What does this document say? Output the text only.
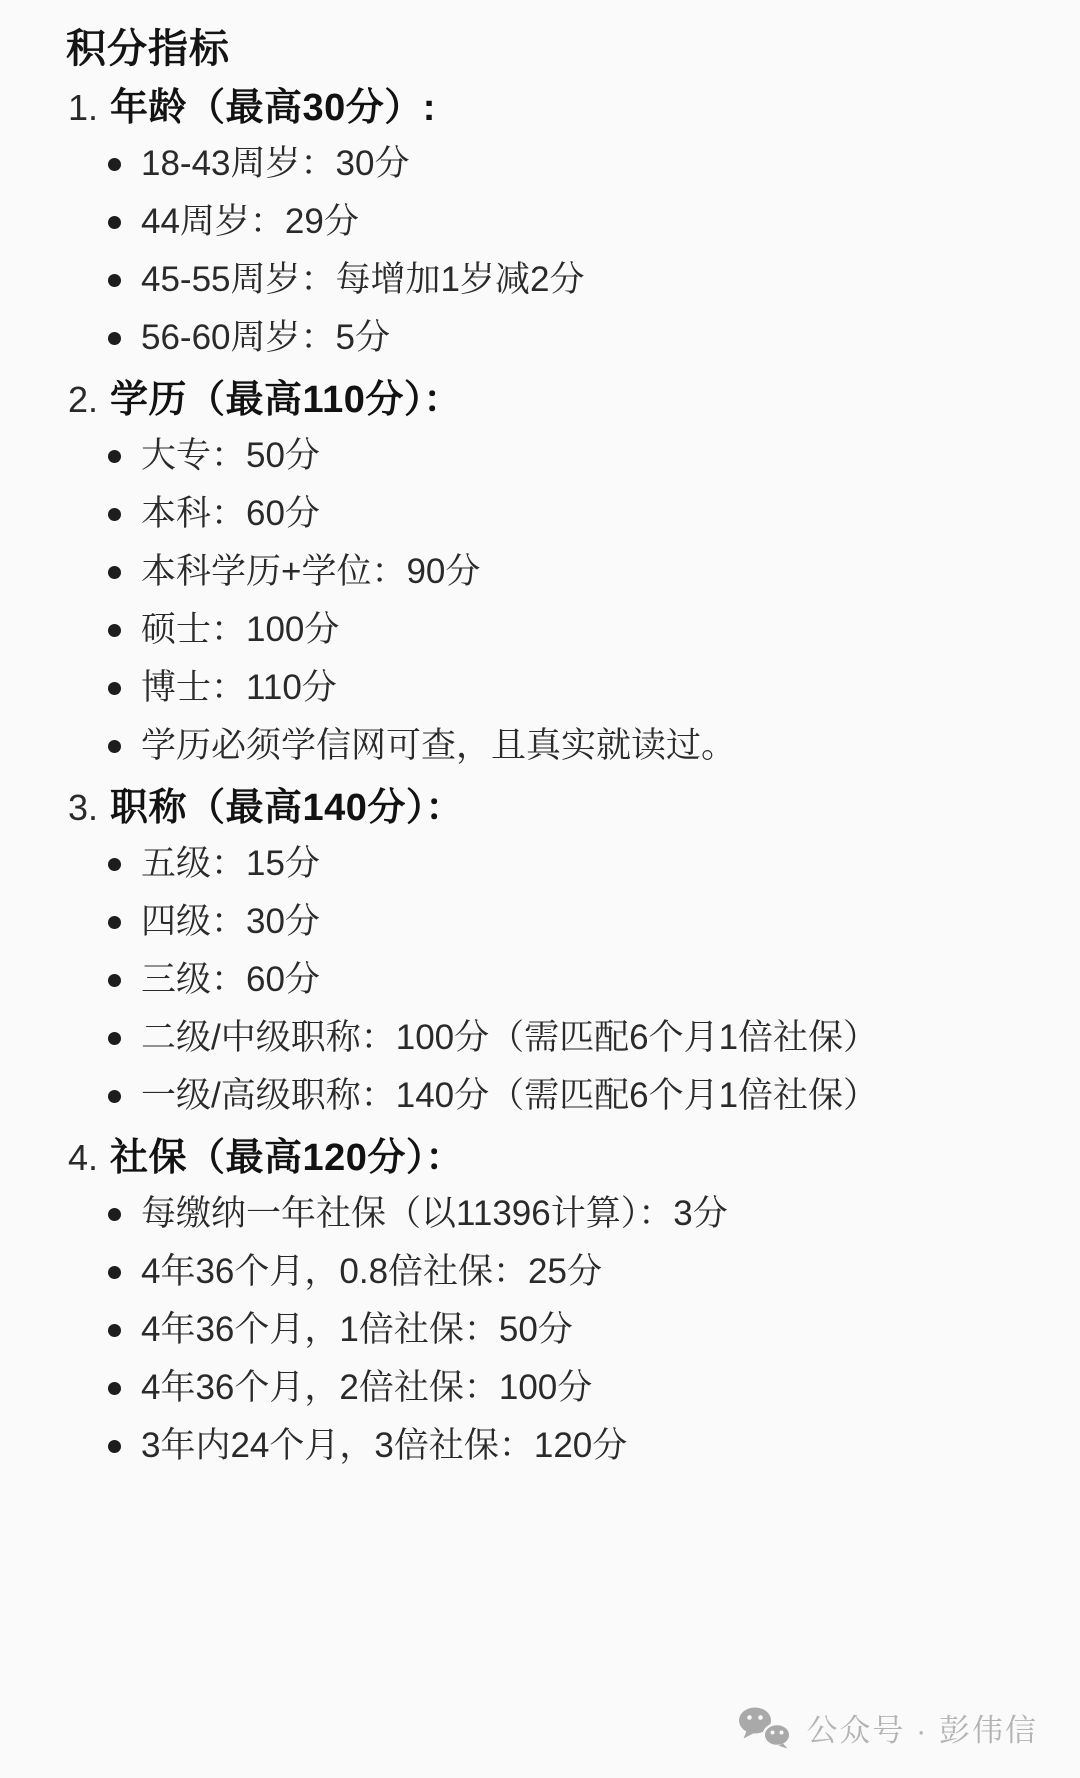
积分指标
1. 年龄（最高30分）:
18-43周岁：30分
44周岁：29分
45-55周岁：每增加1岁减2分
56-60周岁：5分
2. 学历（最高110分）：
大专：50分
本科：60分
本科学历+学位：90分
硕士：100分
博士：110分
学历必须学信网可查，且真实就读过。
3. 职称（最高140分）：
五级：15分
四级：30分
三级：60分
二级/中级职称：100分（需匹配6个月1倍社保）
一级/高级职称：140分（需匹配6个月1倍社保）
4. 社保（最高120分）：
每缴纳一年社保（以11396计算）：3分
4年36个月，0.8倍社保：25分
4年36个月，1倍社保：50分
4年36个月，2倍社保：100分
3年内24个月，3倍社保：120分
公众号 · 彭伟信
